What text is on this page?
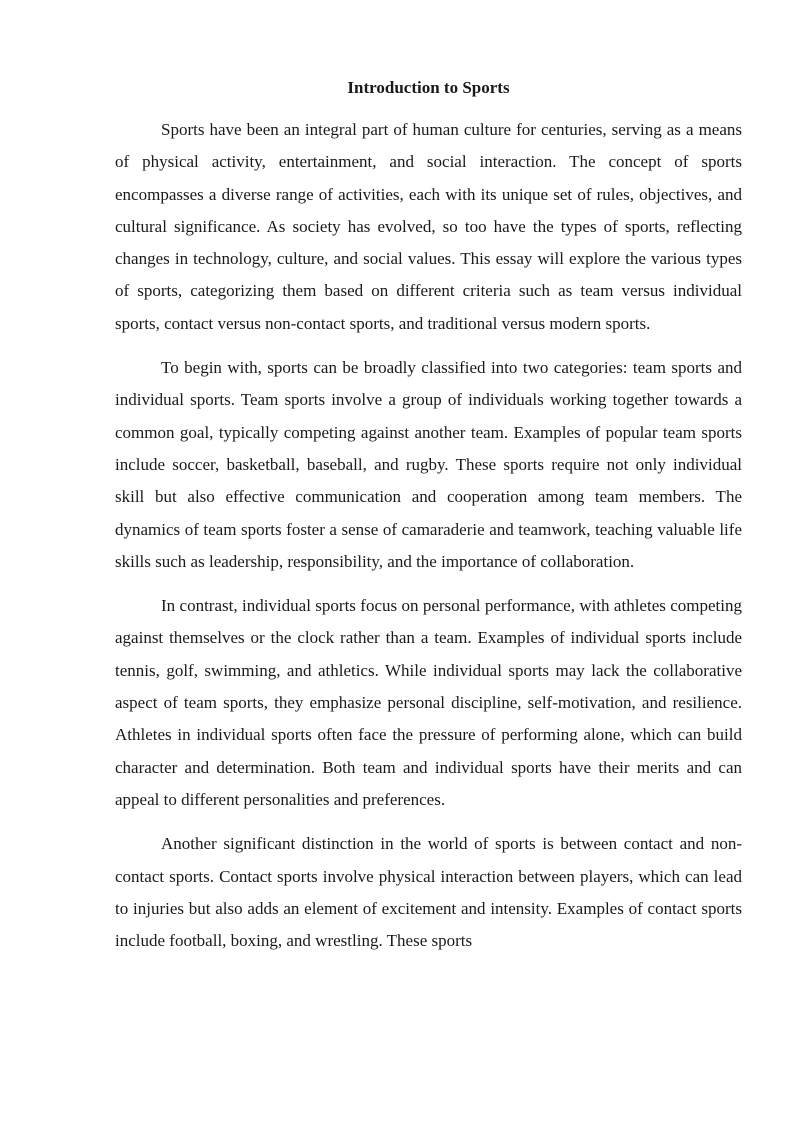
Introduction to Sports

Sports have been an integral part of human culture for centuries, serving as a means of physical activity, entertainment, and social interaction. The concept of sports encompasses a diverse range of activities, each with its unique set of rules, objectives, and cultural significance. As society has evolved, so too have the types of sports, reflecting changes in technology, culture, and social values. This essay will explore the various types of sports, categorizing them based on different criteria such as team versus individual sports, contact versus non-contact sports, and traditional versus modern sports.

To begin with, sports can be broadly classified into two categories: team sports and individual sports. Team sports involve a group of individuals working together towards a common goal, typically competing against another team. Examples of popular team sports include soccer, basketball, baseball, and rugby. These sports require not only individual skill but also effective communication and cooperation among team members. The dynamics of team sports foster a sense of camaraderie and teamwork, teaching valuable life skills such as leadership, responsibility, and the importance of collaboration.

In contrast, individual sports focus on personal performance, with athletes competing against themselves or the clock rather than a team. Examples of individual sports include tennis, golf, swimming, and athletics. While individual sports may lack the collaborative aspect of team sports, they emphasize personal discipline, self-motivation, and resilience. Athletes in individual sports often face the pressure of performing alone, which can build character and determination. Both team and individual sports have their merits and can appeal to different personalities and preferences.

Another significant distinction in the world of sports is between contact and non-contact sports. Contact sports involve physical interaction between players, which can lead to injuries but also adds an element of excitement and intensity. Examples of contact sports include football, boxing, and wrestling. These sports
